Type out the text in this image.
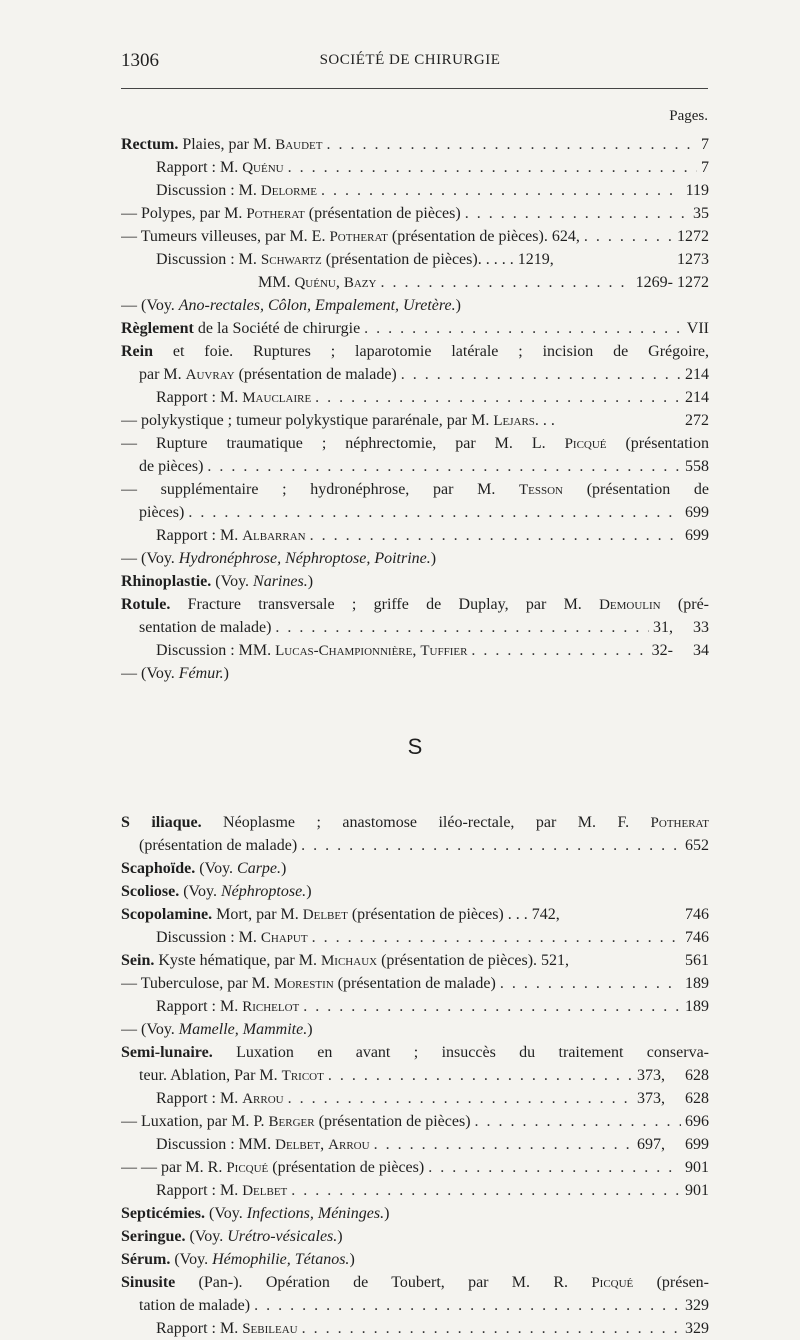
1306	SOCIÉTÉ DE CHIRURGIE
Pages.
Rectum. Plaies, par M. Baudet . . .	7
Rapport : M. Quénu . . .	7
Discussion : M. Delorme . . .	119
— Polypes, par M. Potherat (présentation de pièces) . . .	35
— Tumeurs villeuses, par M. E. Potherat (présentation de pièces). 624, . . .	1272
Discussion : M. Schwartz (présentation de pièces). . . . . 1219,	1273
MM. Quénu, Bazy . . .	1269- 1272
— (Voy. Ano-rectales, Côlon, Empalement, Uretère.)
Règlement de la Société de chirurgie . . .	VII
Rein et foie. Ruptures ; laparotomie latérale ; incision de Grégoire,
par M. Auvray (présentation de malade) . . .	214
Rapport : M. Mauclaire . . .	214
— polykystique ; tumeur polykystique pararénale, par M. Lejars. . .	272
— Rupture traumatique ; néphrectomie, par M. L. Picqué (présentation
de pièces) . . .	558
— supplémentaire ; hydronéphrose, par M. Tesson (présentation de
pièces) . . .	699
Rapport : M. Albarran . . .	699
— (Voy. Hydronéphrose, Néphroptose, Poitrine.)
Rhinoplastie. (Voy. Narines.)
Rotule. Fracture transversale ; griffe de Duplay, par M. Demoulin (pré-
sentation de malade) . . .	31,     33
Discussion : MM. Lucas-Championnière, Tuffier . . .	32-     34
— (Voy. Fémur.)
S
S iliaque. Néoplasme ; anastomose iléo-rectale, par M. F. Potherat
(présentation de malade) . . .	652
Scaphoïde. (Voy. Carpe.)
Scoliose. (Voy. Néphroptose.)
Scopolamine. Mort, par M. Delbet (présentation de pièces) . . . 742,	746
Discussion : M. Chaput . . .	746
Sein. Kyste hématique, par M. Michaux (présentation de pièces). 521,	561
— Tuberculose, par M. Morestin (présentation de malade) . . .	189
Rapport : M. Richelot . . .	189
— (Voy. Mamelle, Mammite.)
Semi-lunaire. Luxation en avant ; insuccès du traitement conserva-
teur. Ablation, Par M. Tricot . . .	373,     628
Rapport : M. Arrou . . .	373,     628
— Luxation, par M. P. Berger (présentation de pièces) . . .	696
Discussion : MM. Delbet, Arrou . . .	697,     699
— — par M. R. Picqué (présentation de pièces) . . .	901
Rapport : M. Delbet . . .	901
Septicémies. (Voy. Infections, Méninges.)
Seringue. (Voy. Urétro-vésicales.)
Sérum. (Voy. Hémophilie, Tétanos.)
Sinusite (Pan-). Opération de Toubert, par M. R. Picqué (présen-
tation de malade) . . .	329
Rapport : M. Sebileau . . .	329
